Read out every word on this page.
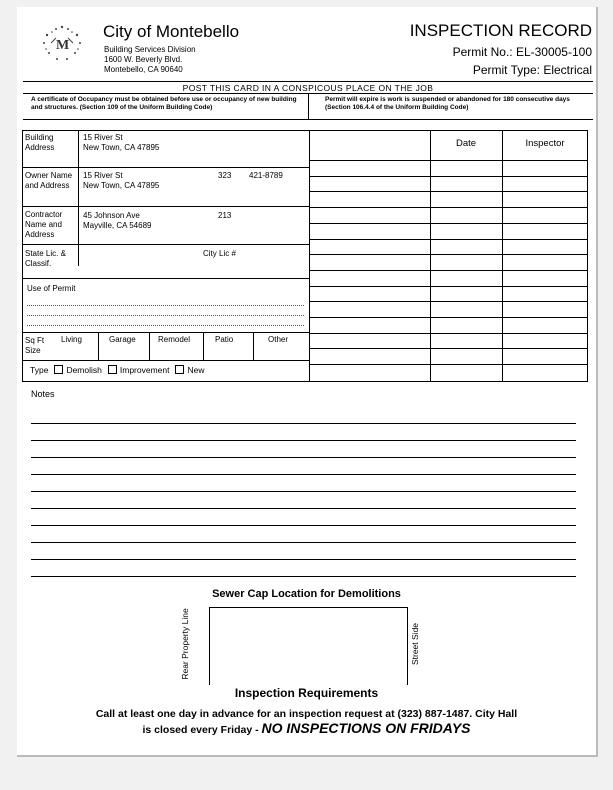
M
City of Montebello
Building Services Division
1600 W. Beverly Blvd.
Montebello, CA 90640
INSPECTION RECORD
Permit No.: EL-30005-100
Permit Type: Electrical
POST THIS CARD IN A CONSPICOUS PLACE ON THE JOB
A certificate of Occupancy must be obtained before use or occupancy of new building and structures. (Section 109 of the Uniform Building Code)
Permit will expire is work is suspended or abandoned for 180 consecutive days (Section 106.4.4 of the Uniform Building Code)
Building Address
15 River St
New Town, CA 47895
Owner Name and Address
15 River St
New Town, CA 47895
323 421-8789
Contractor Name and Address
45 Johnson Ave
Mayville, CA 54689
213
State Lic. & Classif.
City Lic #
Use of Permit
Sq Ft Size
Living	Garage	Remodel	Patio	Other
Type Demolish Improvement New
Date	Inspector
Notes
Sewer Cap Location for Demolitions
Rear Property Line	Street Side
Inspection Requirements
Call at least one day in advance for an inspection request at (323) 887-1487. City Hall
is closed every Friday - NO INSPECTIONS ON FRIDAYS
